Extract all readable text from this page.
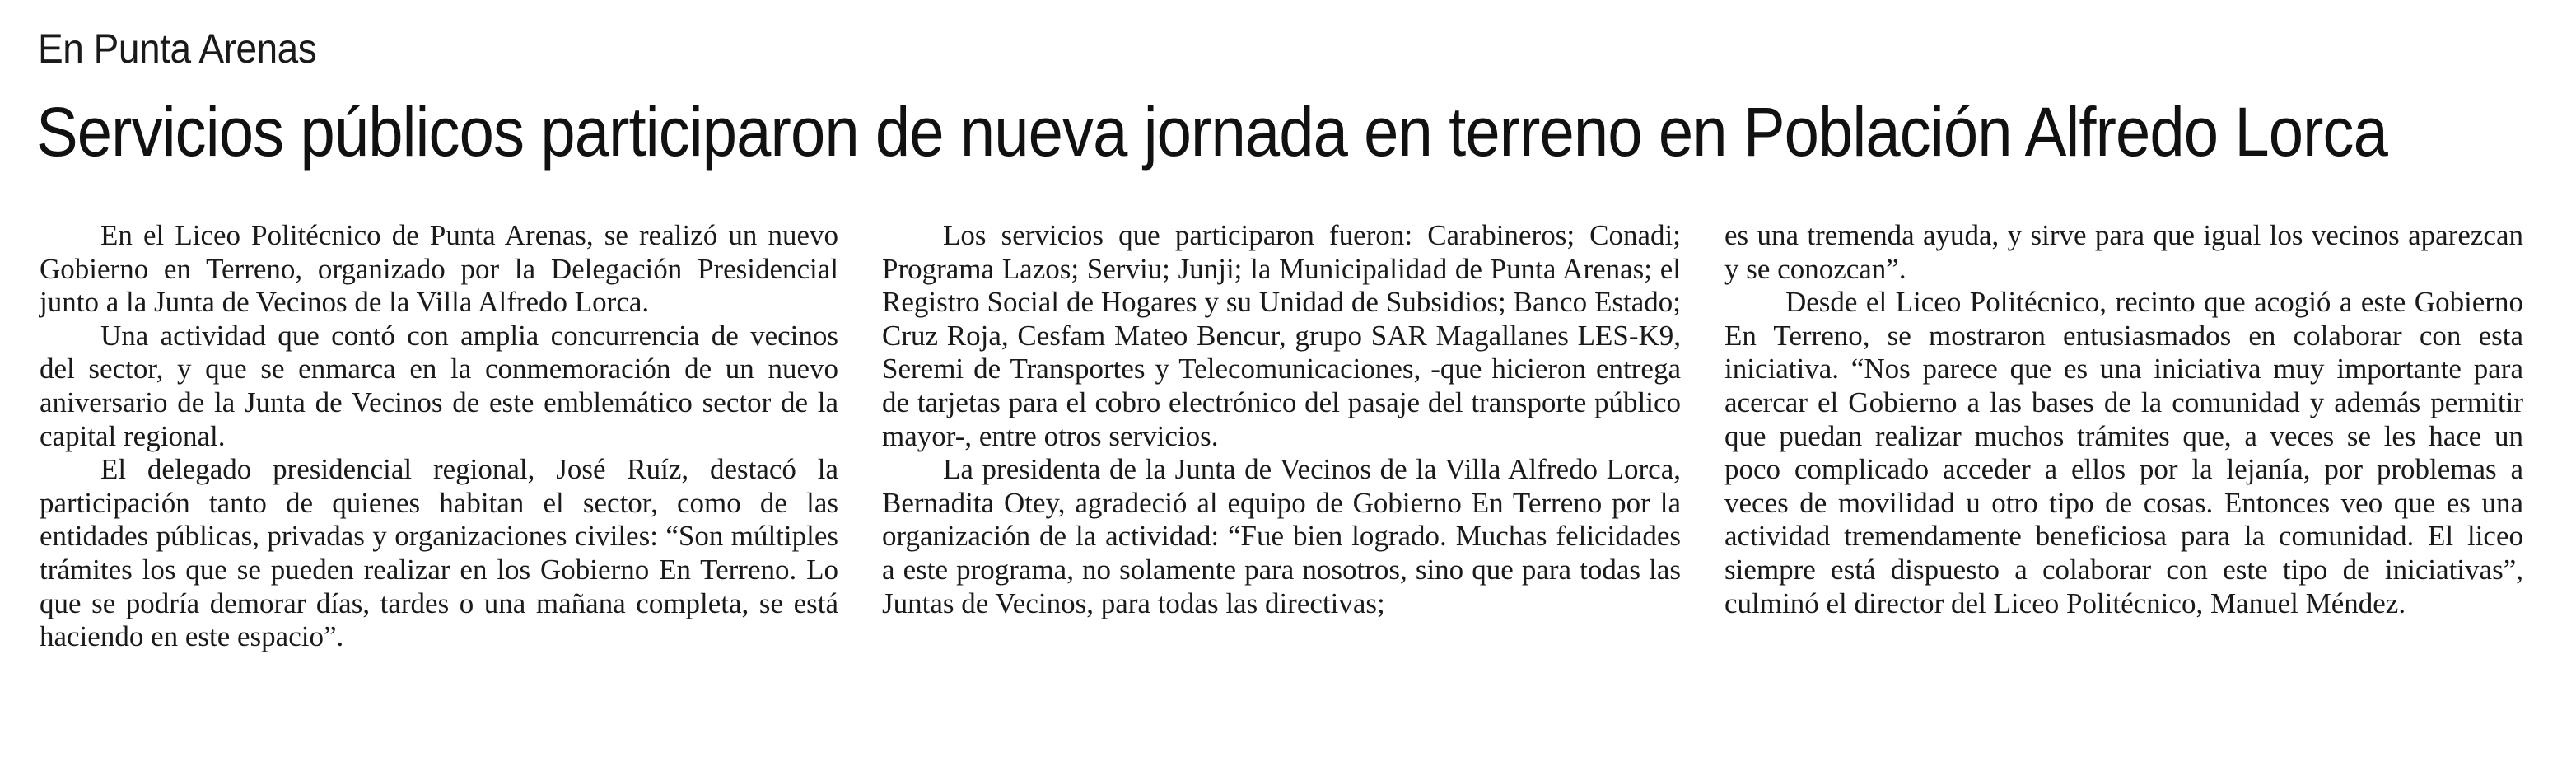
En Punta Arenas
Servicios públicos participaron de nueva jornada en terreno en Población Alfredo Lorca

En el Liceo Politécnico de Punta Arenas, se realizó un nuevo Gobierno en Terreno, organizado por la Delegación Presidencial junto a la Junta de Vecinos de la Villa Alfredo Lorca.

Una actividad que contó con amplia concurrencia de vecinos del sector, y que se enmarca en la conmemoración de un nuevo aniversario de la Junta de Vecinos de este emblemático sector de la capital regional.

El delegado presidencial regional, José Ruíz, destacó la participación tanto de quienes habitan el sector, como de las entidades públicas, privadas y organizaciones civiles: “Son múltiples trámites los que se pueden realizar en los Gobierno En Terreno. Lo que se podría demorar días, tardes o una mañana completa, se está haciendo en este espacio”.

Los servicios que participaron fueron: Carabineros; Conadi; Programa Lazos; Serviu; Junji; la Municipalidad de Punta Arenas; el Registro Social de Hogares y su Unidad de Subsidios; Banco Estado; Cruz Roja, Cesfam Mateo Bencur, grupo SAR Magallanes LES-K9, Seremi de Transportes y Telecomunicaciones, -que hicieron entrega de tarjetas para el cobro electrónico del pasaje del transporte público mayor-, entre otros servicios.

La presidenta de la Junta de Vecinos de la Villa Alfredo Lorca, Bernadita Otey, agradeció al equipo de Gobierno En Terreno por la organización de la actividad: “Fue bien logrado. Muchas felicidades a este programa, no solamente para nosotros, sino que para todas las Juntas de Vecinos, para todas las directivas;

es una tremenda ayuda, y sirve para que igual los vecinos aparezcan y se conozcan”.

Desde el Liceo Politécnico, recinto que acogió a este Gobierno En Terreno, se mostraron entusiasmados en colaborar con esta iniciativa. “Nos parece que es una iniciativa muy importante para acercar el Gobierno a las bases de la comunidad y además permitir que puedan realizar muchos trámites que, a veces se les hace un poco complicado acceder a ellos por la lejanía, por problemas a veces de movilidad u otro tipo de cosas. Entonces veo que es una actividad tremendamente beneficiosa para la comunidad. El liceo siempre está dispuesto a colaborar con este tipo de iniciativas”, culminó el director del Liceo Politécnico, Manuel Méndez.
